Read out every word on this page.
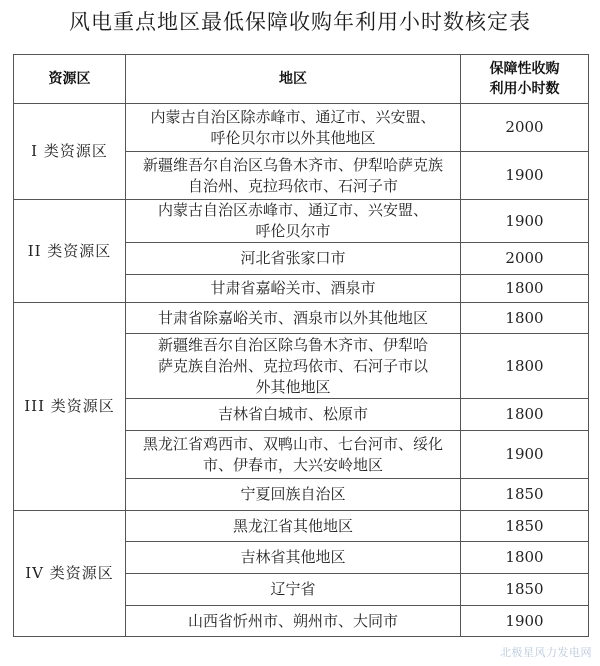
风电重点地区最低保障收购年利用小时数核定表
资源区	地区	保障性收购
利用小时数
I 类资源区	内蒙古自治区除赤峰市、通辽市、兴安盟、
呼伦贝尔市以外其他地区	2000
	新疆维吾尔自治区乌鲁木齐市、伊犁哈萨克族
自治州、克拉玛依市、石河子市	1900
II 类资源区	内蒙古自治区赤峰市、通辽市、兴安盟、
呼伦贝尔市	1900
	河北省张家口市	2000
	甘肃省嘉峪关市、酒泉市	1800
III 类资源区	甘肃省除嘉峪关市、酒泉市以外其他地区	1800
	新疆维吾尔自治区除乌鲁木齐市、伊犁哈
萨克族自治州、克拉玛依市、石河子市以
外其他地区	1800
	吉林省白城市、松原市	1800
	黑龙江省鸡西市、双鸭山市、七台河市、绥化
市、伊春市，大兴安岭地区	1900
	宁夏回族自治区	1850
IV 类资源区	黑龙江省其他地区	1850
	吉林省其他地区	1800
	辽宁省	1850
	山西省忻州市、朔州市、大同市	1900
北极星风力发电网
